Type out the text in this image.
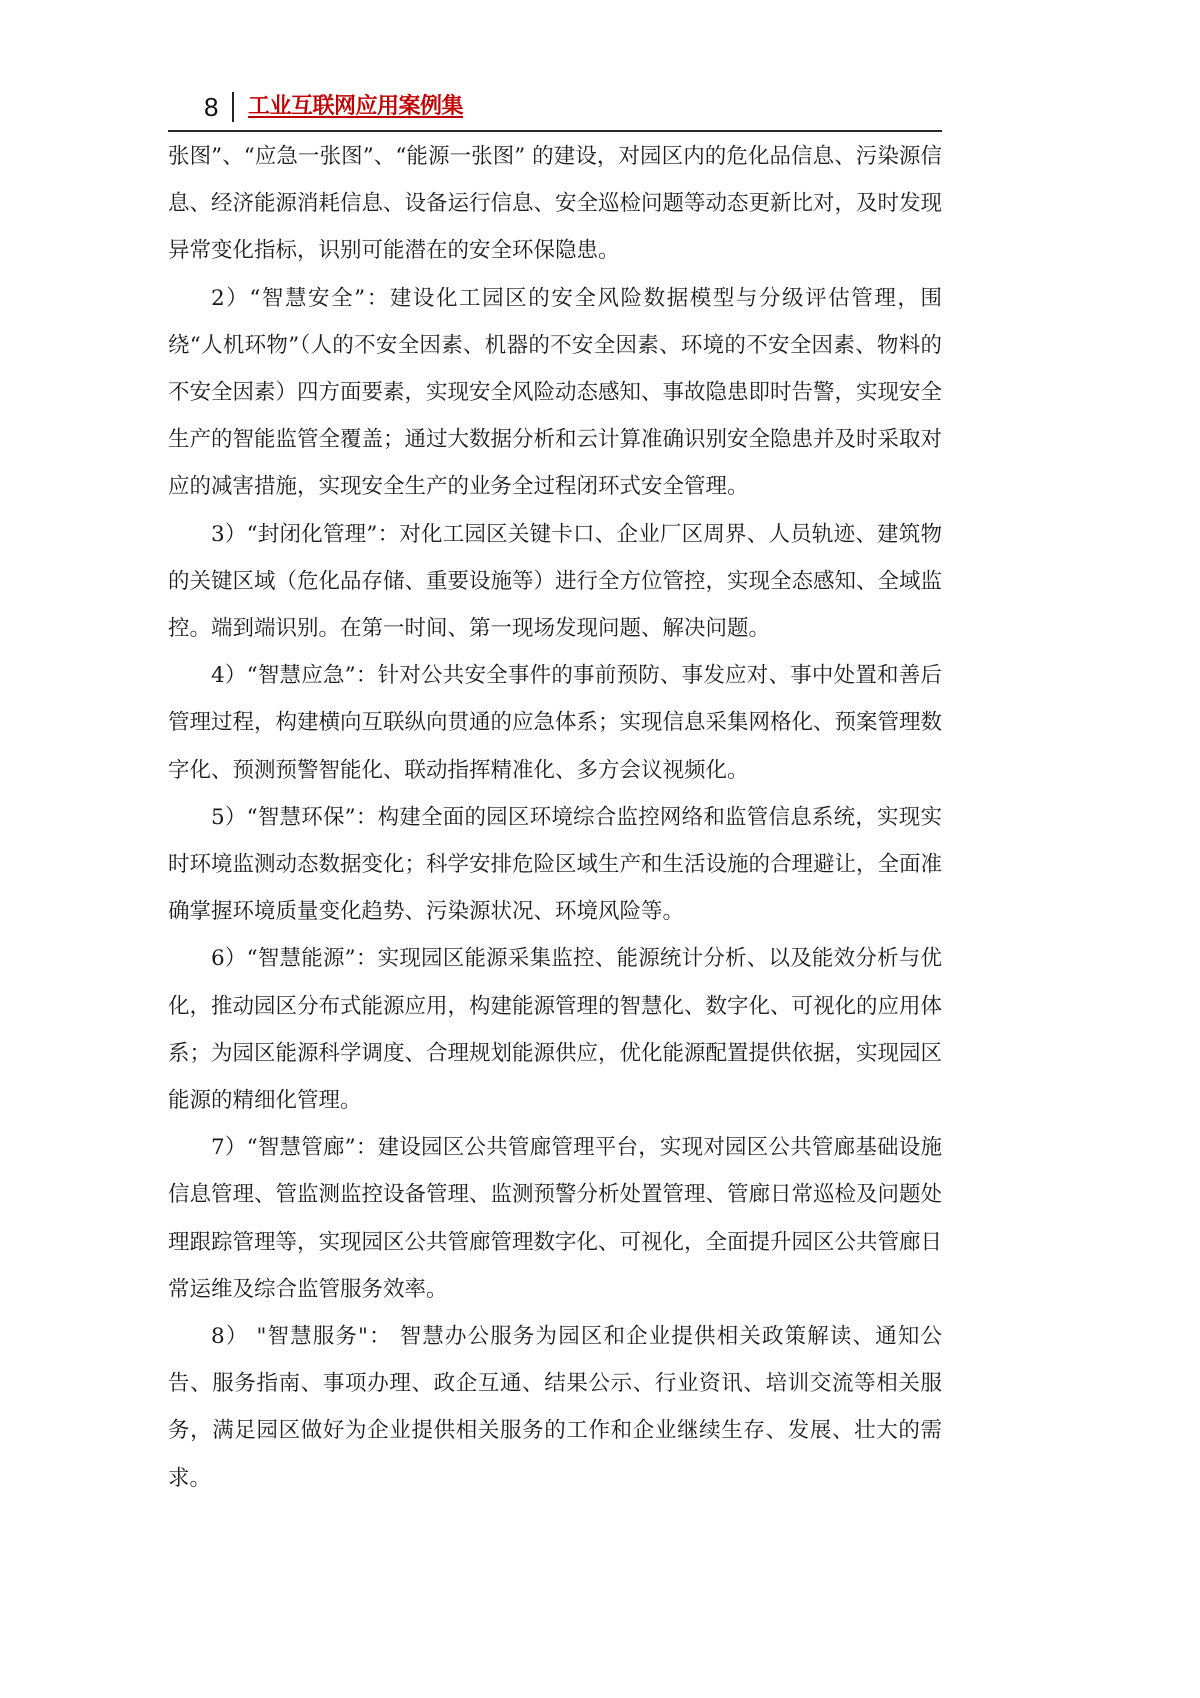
8 工业互联网应用案例集

张图”、“应急一张图”、“能源一张图” 的建设，对园区内的危化品信息、污染源信息、经济能源消耗信息、设备运行信息、安全巡检问题等动态更新比对，及时发现异常变化指标，识别可能潜在的安全环保隐患。

2）“智慧安全”：建设化工园区的安全风险数据模型与分级评估管理，围绕“人机环物”（人的不安全因素、机器的不安全因素、环境的不安全因素、物料的不安全因素）四方面要素，实现安全风险动态感知、事故隐患即时告警，实现安全生产的智能监管全覆盖；通过大数据分析和云计算准确识别安全隐患并及时采取对应的减害措施，实现安全生产的业务全过程闭环式安全管理。

3）“封闭化管理”：对化工园区关键卡口、企业厂区周界、人员轨迹、建筑物的关键区域（危化品存储、重要设施等）进行全方位管控，实现全态感知、全域监控。端到端识别。在第一时间、第一现场发现问题、解决问题。

4）“智慧应急”：针对公共安全事件的事前预防、事发应对、事中处置和善后管理过程，构建横向互联纵向贯通的应急体系；实现信息采集网格化、预案管理数字化、预测预警智能化、联动指挥精准化、多方会议视频化。

5）“智慧环保”：构建全面的园区环境综合监控网络和监管信息系统，实现实时环境监测动态数据变化；科学安排危险区域生产和生活设施的合理避让，全面准确掌握环境质量变化趋势、污染源状况、环境风险等。

6）“智慧能源”：实现园区能源采集监控、能源统计分析、以及能效分析与优化，推动园区分布式能源应用，构建能源管理的智慧化、数字化、可视化的应用体系；为园区能源科学调度、合理规划能源供应，优化能源配置提供依据，实现园区能源的精细化管理。

7）“智慧管廊”：建设园区公共管廊管理平台，实现对园区公共管廊基础设施信息管理、管监测监控设备管理、监测预警分析处置管理、管廊日常巡检及问题处理跟踪管理等，实现园区公共管廊管理数字化、可视化，全面提升园区公共管廊日常运维及综合监管服务效率。

8） "智慧服务"： 智慧办公服务为园区和企业提供相关政策解读、通知公告、服务指南、事项办理、政企互通、结果公示、行业资讯、培训交流等相关服务，满足园区做好为企业提供相关服务的工作和企业继续生存、发展、壮大的需求。
